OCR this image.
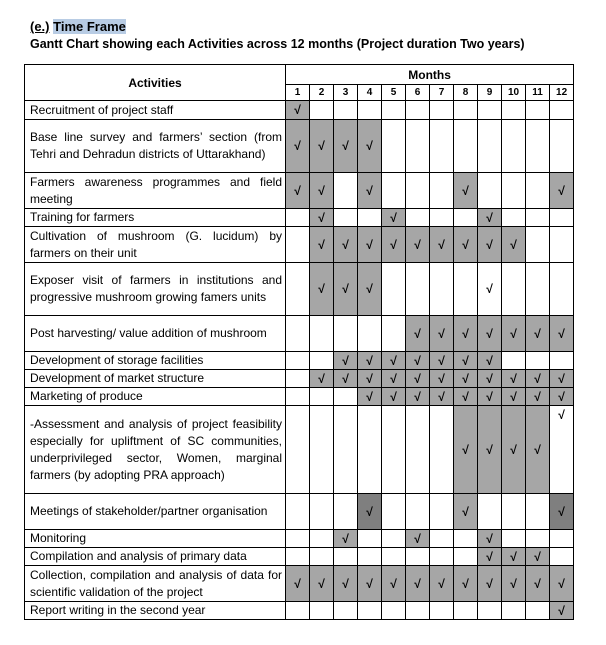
(e.) Time Frame
Gantt Chart showing each Activities across 12 months (Project duration Two years)
Activities	Months											
	1	2	3	4	5	6	7	8	9	10	11	12
Recruitment of project staff	√											
Base line survey and farmers’ section (from Tehri and Dehradun districts of Uttarakhand)	√	√	√	√								
Farmers awareness programmes and field meeting	√	√		√				√				√
Training for farmers		√			√				√			
Cultivation of mushroom (G. lucidum) by farmers on their unit		√	√	√	√	√	√	√	√	√		
Exposer visit of farmers in institutions and progressive mushroom growing famers units		√	√	√					√			
Post harvesting/ value addition of mushroom						√	√	√	√	√	√	√
Development of storage facilities			√	√	√	√	√	√	√			
Development of market structure		√	√	√	√	√	√	√	√	√	√	√
Marketing of produce				√	√	√	√	√	√	√	√	√
-Assessment and analysis of project feasibility especially for upliftment of SC communities, underprivileged sector, Women, marginal farmers (by adopting PRA approach)								√	√	√	√	√
Meetings of stakeholder/partner organisation				√				√				√
Monitoring			√			√			√			
Compilation and analysis of primary data									√	√	√	
Collection, compilation and analysis of data for scientific validation of the project	√	√	√	√	√	√	√	√	√	√	√	√
Report writing in the second year												√
